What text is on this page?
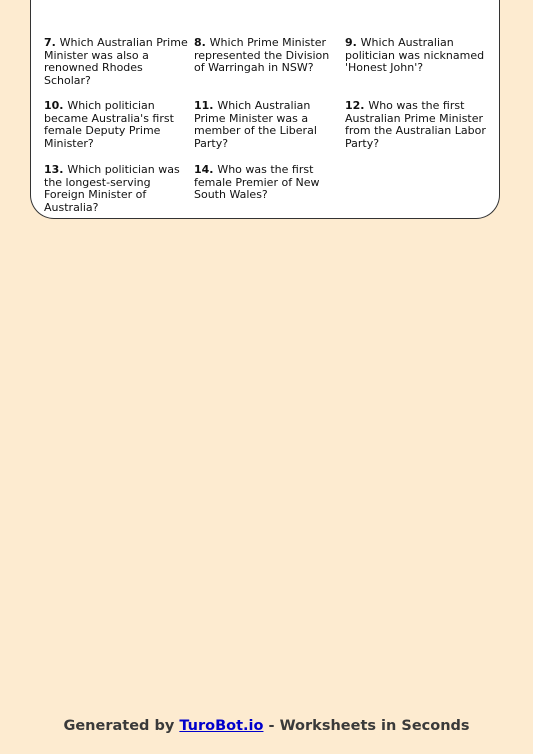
7. Which Australian Prime Minister was also a renowned Rhodes Scholar?
8. Which Prime Minister represented the Division of Warringah in NSW?
9. Which Australian politician was nicknamed 'Honest John'?
10. Which politician became Australia's first female Deputy Prime Minister?
11. Which Australian Prime Minister was a member of the Liberal Party?
12. Who was the first Australian Prime Minister from the Australian Labor Party?
13. Which politician was the longest-serving Foreign Minister of Australia?
14. Who was the first female Premier of New South Wales?
Generated by TuroBot.io - Worksheets in Seconds
